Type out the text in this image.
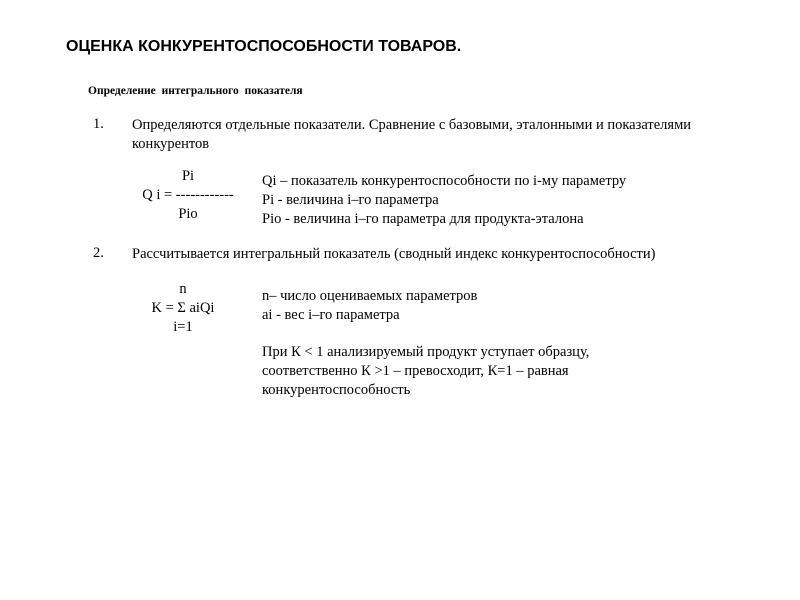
ОЦЕНКА КОНКУРЕНТОСПОСОБНОСТИ ТОВАРОВ.
Определение интегрального показателя
1. Определяются отдельные показатели. Сравнение с базовыми, эталонными и показателями конкурентов
Pi
Q i = ------------
Pio
Qi – показатель конкурентоспособности по i-му параметру
Pi - величина i–го параметра
Pio - величина i–го параметра для продукта-эталона
2. Рассчитывается интегральный показатель (сводный индекс конкурентоспособности)
n
K = Σ aiQi
i=1
n– число оцениваемых параметров
ai - вес i–го параметра
При К < 1 анализируемый продукт уступает образцу,
соответственно К >1 – превосходит, К=1 – равная
конкурентоспособность
